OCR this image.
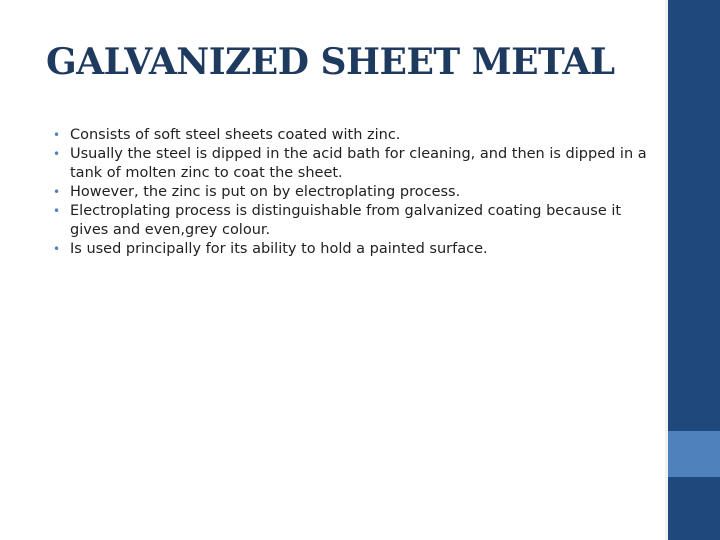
GALVANIZED SHEET METAL
• Consists of soft steel sheets coated with zinc.
• Usually the steel is dipped in the acid bath for cleaning, and then is dipped in a tank of molten zinc to coat the sheet.
• However, the zinc is put on by electroplating process.
• Electroplating process is distinguishable from galvanized coating because it gives and even,grey colour.
• Is used principally for its ability to hold a painted surface.
